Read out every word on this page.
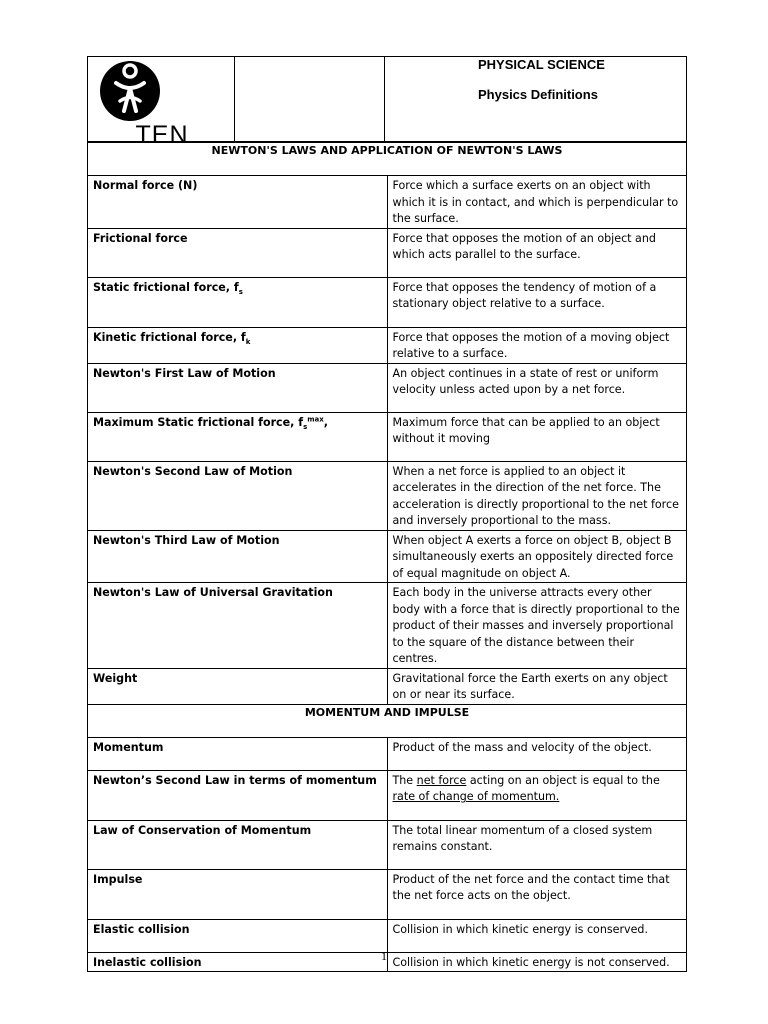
TEN
PHYSICAL SCIENCE
Physics Definitions
NEWTON'S LAWS AND APPLICATION OF NEWTON'S LAWS	
Normal force (N)	Force which a surface exerts on an object with which it is in contact, and which is perpendicular to the surface.
Frictional force	Force that opposes the motion of an object and which acts parallel to the surface.
Static frictional force, $f_s$	Force that opposes the tendency of motion of a stationary object relative to a surface.
Kinetic frictional force, $f_k$	Force that opposes the motion of a moving object relative to a surface.
Newton's First Law of Motion	An object continues in a state of rest or uniform velocity unless acted upon by a net force.
Maximum Static frictional force, $f_s^{max}$,	Maximum force that can be applied to an object without it moving
Newton's Second Law of Motion	When a net force is applied to an object it accelerates in the direction of the net force. The acceleration is directly proportional to the net force and inversely proportional to the mass.
Newton's Third Law of Motion	When object A exerts a force on object B, object B simultaneously exerts an oppositely directed force of equal magnitude on object A.
Newton's Law of Universal Gravitation	Each body in the universe attracts every other body with a force that is directly proportional to the product of their masses and inversely proportional to the square of the distance between their centres.
Weight	Gravitational force the Earth exerts on any object on or near its surface.
MOMENTUM AND IMPULSE	
Momentum	Product of the mass and velocity of the object.
Newton’s Second Law in terms of momentum	The net force acting on an object is equal to the rate of change of momentum.
Law of Conservation of Momentum	The total linear momentum of a closed system remains constant.
Impulse	Product of the net force and the contact time that the net force acts on the object.
Elastic collision	Collision in which kinetic energy is conserved.
Inelastic collision	Collision in which kinetic energy is not conserved.
1
